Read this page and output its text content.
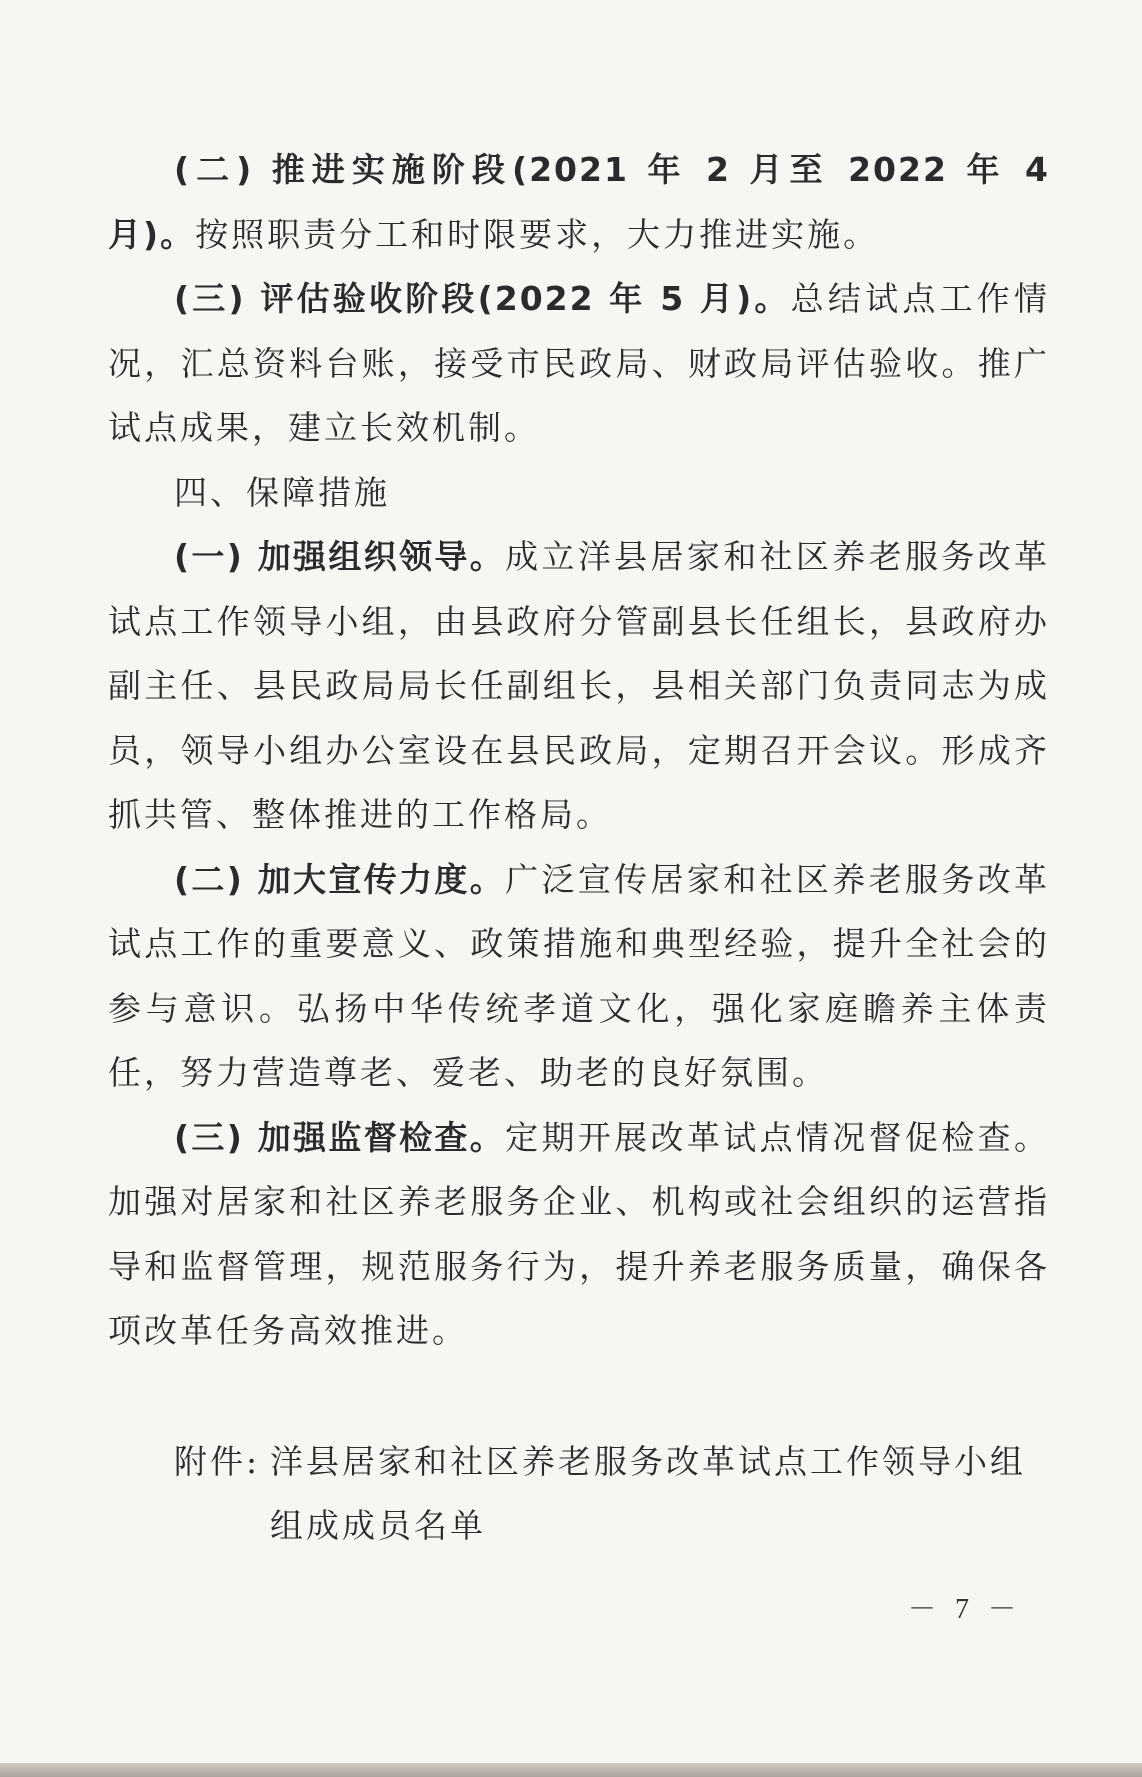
(二) 推进实施阶段(2021 年 2 月至 2022 年 4 月)。按照职责分工和时限要求，大力推进实施。

(三) 评估验收阶段(2022 年 5 月)。总结试点工作情况，汇总资料台账，接受市民政局、财政局评估验收。推广试点成果，建立长效机制。

四、保障措施

(一) 加强组织领导。成立洋县居家和社区养老服务改革试点工作领导小组，由县政府分管副县长任组长，县政府办副主任、县民政局局长任副组长，县相关部门负责同志为成员，领导小组办公室设在县民政局，定期召开会议。形成齐抓共管、整体推进的工作格局。

(二) 加大宣传力度。广泛宣传居家和社区养老服务改革试点工作的重要意义、政策措施和典型经验，提升全社会的参与意识。弘扬中华传统孝道文化，强化家庭瞻养主体责任，努力营造尊老、爱老、助老的良好氛围。

(三) 加强监督检查。定期开展改革试点情况督促检查。加强对居家和社区养老服务企业、机构或社会组织的运营指导和监督管理，规范服务行为，提升养老服务质量，确保各项改革任务高效推进。

附件: 洋县居家和社区养老服务改革试点工作领导小组组成成员名单
－ 7 －
